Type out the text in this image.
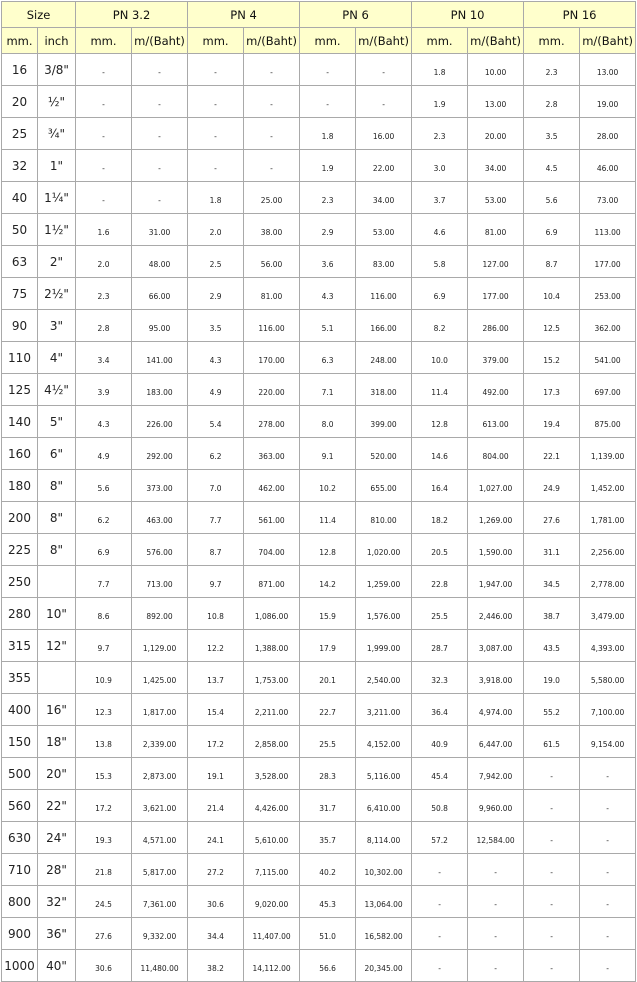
Size		PN 3.2		PN 4		PN 6		PN 10		PN 16	
mm.	inch	mm.	m/(Baht)	mm.	m/(Baht)	mm.	m/(Baht)	mm.	m/(Baht)	mm.	m/(Baht)
16	3/8"	-	-	-	-	-	-	1.8	10.00	2.3	13.00
20	½"	-	-	-	-	-	-	1.9	13.00	2.8	19.00
25	¾"	-	-	-	-	1.8	16.00	2.3	20.00	3.5	28.00
32	1"	-	-	-	-	1.9	22.00	3.0	34.00	4.5	46.00
40	1¼"	-	-	1.8	25.00	2.3	34.00	3.7	53.00	5.6	73.00
50	1½"	1.6	31.00	2.0	38.00	2.9	53.00	4.6	81.00	6.9	113.00
63	2"	2.0	48.00	2.5	56.00	3.6	83.00	5.8	127.00	8.7	177.00
75	2½"	2.3	66.00	2.9	81.00	4.3	116.00	6.9	177.00	10.4	253.00
90	3"	2.8	95.00	3.5	116.00	5.1	166.00	8.2	286.00	12.5	362.00
110	4"	3.4	141.00	4.3	170.00	6.3	248.00	10.0	379.00	15.2	541.00
125	4½"	3.9	183.00	4.9	220.00	7.1	318.00	11.4	492.00	17.3	697.00
140	5"	4.3	226.00	5.4	278.00	8.0	399.00	12.8	613.00	19.4	875.00
160	6"	4.9	292.00	6.2	363.00	9.1	520.00	14.6	804.00	22.1	1,139.00
180	8"	5.6	373.00	7.0	462.00	10.2	655.00	16.4	1,027.00	24.9	1,452.00
200	8"	6.2	463.00	7.7	561.00	11.4	810.00	18.2	1,269.00	27.6	1,781.00
225	8"	6.9	576.00	8.7	704.00	12.8	1,020.00	20.5	1,590.00	31.1	2,256.00
250		7.7	713.00	9.7	871.00	14.2	1,259.00	22.8	1,947.00	34.5	2,778.00
280	10"	8.6	892.00	10.8	1,086.00	15.9	1,576.00	25.5	2,446.00	38.7	3,479.00
315	12"	9.7	1,129.00	12.2	1,388.00	17.9	1,999.00	28.7	3,087.00	43.5	4,393.00
355		10.9	1,425.00	13.7	1,753.00	20.1	2,540.00	32.3	3,918.00	19.0	5,580.00
400	16"	12.3	1,817.00	15.4	2,211.00	22.7	3,211.00	36.4	4,974.00	55.2	7,100.00
150	18"	13.8	2,339.00	17.2	2,858.00	25.5	4,152.00	40.9	6,447.00	61.5	9,154.00
500	20"	15.3	2,873.00	19.1	3,528.00	28.3	5,116.00	45.4	7,942.00	-	-
560	22"	17.2	3,621.00	21.4	4,426.00	31.7	6,410.00	50.8	9,960.00	-	-
630	24"	19.3	4,571.00	24.1	5,610.00	35.7	8,114.00	57.2	12,584.00	-	-
710	28"	21.8	5,817.00	27.2	7,115.00	40.2	10,302.00	-	-	-	-
800	32"	24.5	7,361.00	30.6	9,020.00	45.3	13,064.00	-	-	-	-
900	36"	27.6	9,332.00	34.4	11,407.00	51.0	16,582.00	-	-	-	-
1000	40"	30.6	11,480.00	38.2	14,112.00	56.6	20,345.00	-	-	-	-
